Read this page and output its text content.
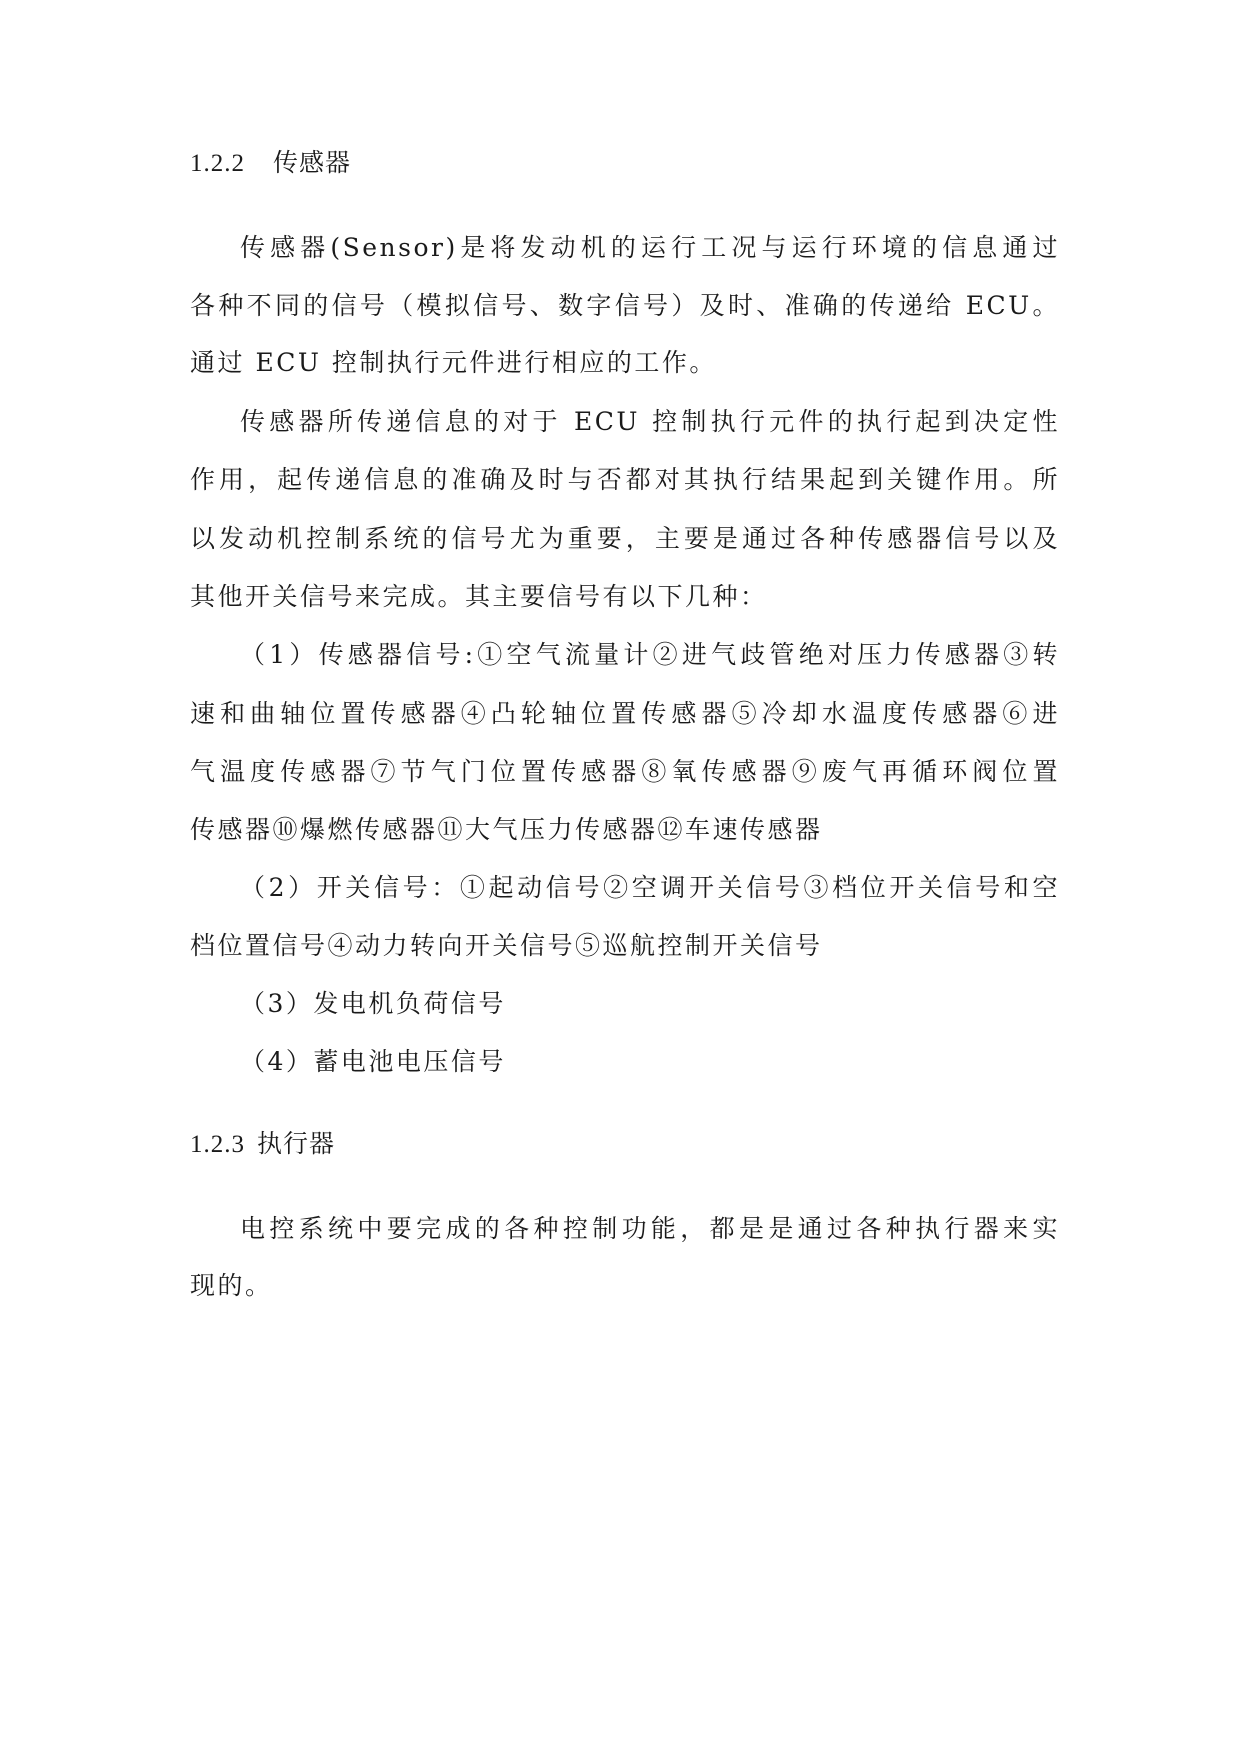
1.2.2 传感器

传感器(Sensor)是将发动机的运行工况与运行环境的信息通过

各种不同的信号（模拟信号、数字信号）及时、准确的传递给 ECU。

通过 ECU 控制执行元件进行相应的工作。

传感器所传递信息的对于 ECU 控制执行元件的执行起到决定性

作用，起传递信息的准确及时与否都对其执行结果起到关键作用。所

以发动机控制系统的信号尤为重要，主要是通过各种传感器信号以及

其他开关信号来完成。其主要信号有以下几种：

（1）传感器信号:①空气流量计②进气歧管绝对压力传感器③转

速和曲轴位置传感器④凸轮轴位置传感器⑤冷却水温度传感器⑥进

气温度传感器⑦节气门位置传感器⑧氧传感器⑨废气再循环阀位置

传感器⑩爆燃传感器⑪大气压力传感器⑫车速传感器

（2）开关信号：①起动信号②空调开关信号③档位开关信号和空

档位置信号④动力转向开关信号⑤巡航控制开关信号

（3）发电机负荷信号

（4）蓄电池电压信号

1.2.3 执行器

电控系统中要完成的各种控制功能，都是是通过各种执行器来实

现的。
